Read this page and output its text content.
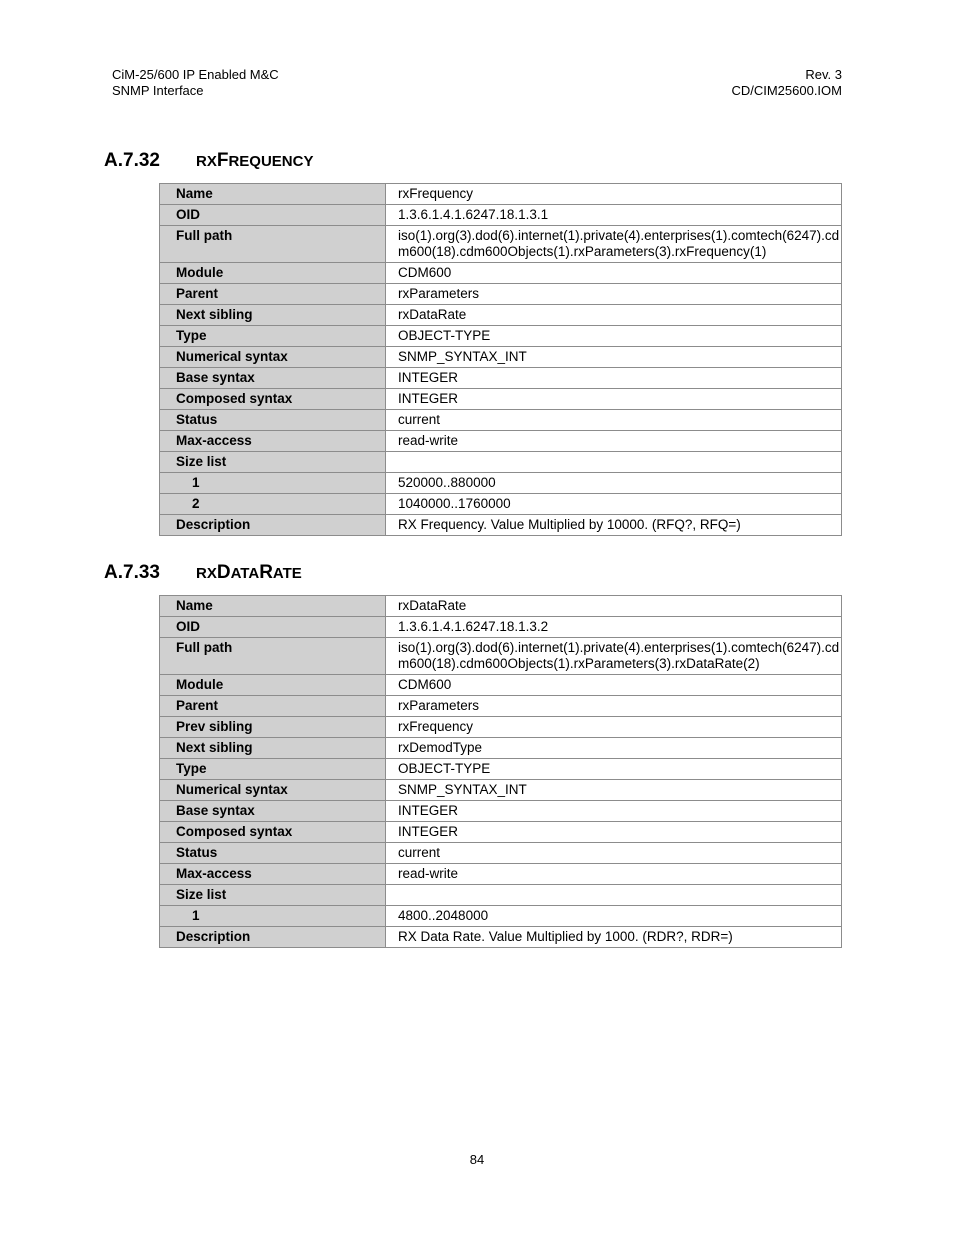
CiM-25/600 IP Enabled M&C
SNMP Interface
Rev. 3
CD/CIM25600.IOM
A.7.32 RXFREQUENCY
Name	rxFrequency
OID	1.3.6.1.4.1.6247.18.1.3.1
Full path	iso(1).org(3).dod(6).internet(1).private(4).enterprises(1).comtech(6247).cdm600(18).cdm600Objects(1).rxParameters(3).rxFrequency(1)
Module	CDM600
Parent	rxParameters
Next sibling	rxDataRate
Type	OBJECT-TYPE
Numerical syntax	SNMP_SYNTAX_INT
Base syntax	INTEGER
Composed syntax	INTEGER
Status	current
Max-access	read-write
Size list	
1	520000..880000
2	1040000..1760000
Description	RX Frequency. Value Multiplied by 10000. (RFQ?, RFQ=)
A.7.33 RXDATARATE
Name	rxDataRate
OID	1.3.6.1.4.1.6247.18.1.3.2
Full path	iso(1).org(3).dod(6).internet(1).private(4).enterprises(1).comtech(6247).cdm600(18).cdm600Objects(1).rxParameters(3).rxDataRate(2)
Module	CDM600
Parent	rxParameters
Prev sibling	rxFrequency
Next sibling	rxDemodType
Type	OBJECT-TYPE
Numerical syntax	SNMP_SYNTAX_INT
Base syntax	INTEGER
Composed syntax	INTEGER
Status	current
Max-access	read-write
Size list	
1	4800..2048000
Description	RX Data Rate. Value Multiplied by 1000. (RDR?, RDR=)
84
